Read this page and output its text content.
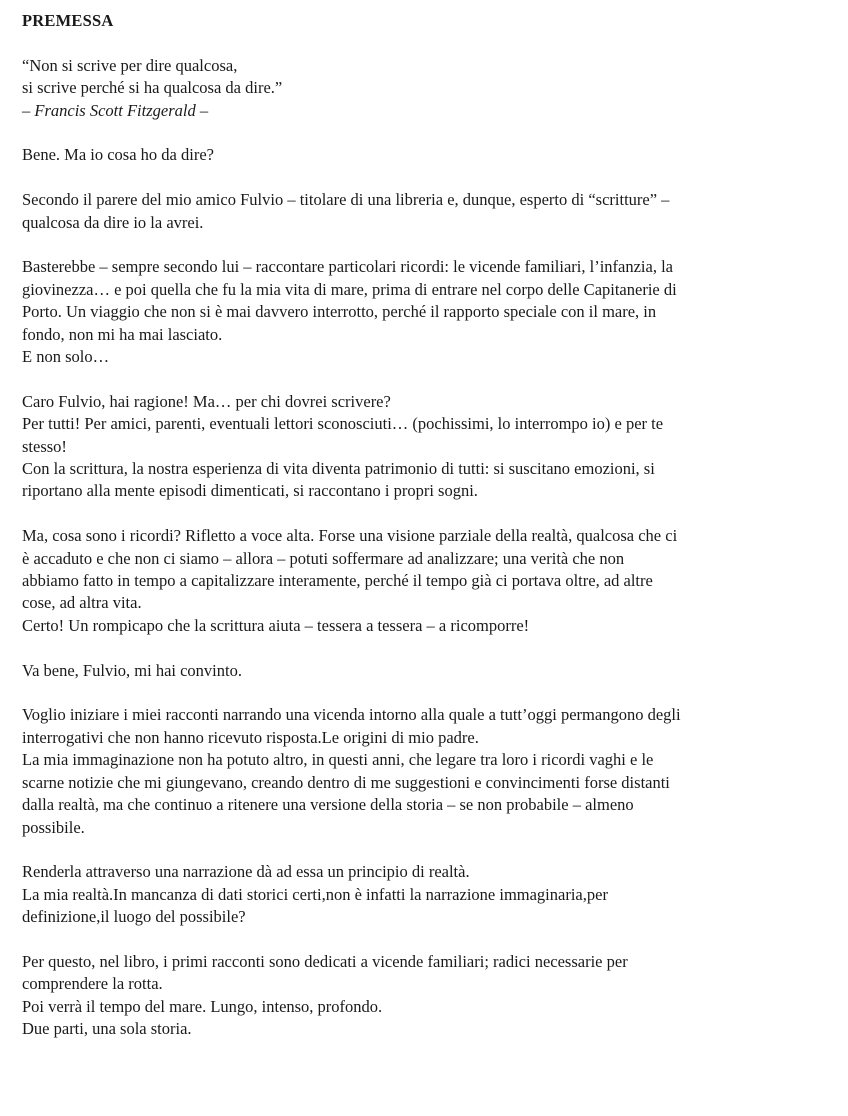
PREMESSA
“Non si scrive per dire qualcosa,
si scrive perché si ha qualcosa da dire.”
– Francis Scott Fitzgerald –
Bene. Ma io cosa ho da dire?
Secondo il parere del mio amico Fulvio – titolare di una libreria e, dunque, esperto di “scritture” –
qualcosa da dire io la avrei.
Basterebbe – sempre secondo lui – raccontare particolari ricordi: le vicende familiari, l’infanzia, la
giovinezza… e poi quella che fu la mia vita di mare, prima di entrare nel corpo delle Capitanerie di
Porto. Un viaggio che non si è mai davvero interrotto, perché il rapporto speciale con il mare, in
fondo, non mi ha mai lasciato.
E non solo…
Caro Fulvio, hai ragione! Ma… per chi dovrei scrivere?
Per tutti! Per amici, parenti, eventuali lettori sconosciuti… (pochissimi, lo interrompo io) e per te
stesso!
Con la scrittura, la nostra esperienza di vita diventa patrimonio di tutti: si suscitano emozioni, si
riportano alla mente episodi dimenticati, si raccontano i propri sogni.
Ma, cosa sono i ricordi? Rifletto a voce alta. Forse una visione parziale della realtà, qualcosa che ci
è accaduto e che non ci siamo – allora – potuti soffermare ad analizzare; una verità che non
abbiamo fatto in tempo a capitalizzare interamente, perché il tempo già ci portava oltre, ad altre
cose, ad altra vita.
Certo! Un rompicapo che la scrittura aiuta – tessera a tessera – a ricomporre!
Va bene, Fulvio, mi hai convinto.
Voglio iniziare i miei racconti narrando una vicenda intorno alla quale a tutt’oggi permangono degli
interrogativi che non hanno ricevuto risposta.Le origini di mio padre.
La mia immaginazione non ha potuto altro, in questi anni, che legare tra loro i ricordi vaghi e le
scarne notizie che mi giungevano, creando dentro di me suggestioni e convincimenti forse distanti
dalla realtà, ma che continuo a ritenere una versione della storia – se non probabile – almeno
possibile.
Renderla attraverso una narrazione dà ad essa un principio di realtà.
La mia realtà.In mancanza di dati storici certi,non è infatti la narrazione immaginaria,per
definizione,il luogo del possibile?
Per questo, nel libro, i primi racconti sono dedicati a vicende familiari; radici necessarie per
comprendere la rotta.
Poi verrà il tempo del mare. Lungo, intenso, profondo.
Due parti, una sola storia.
